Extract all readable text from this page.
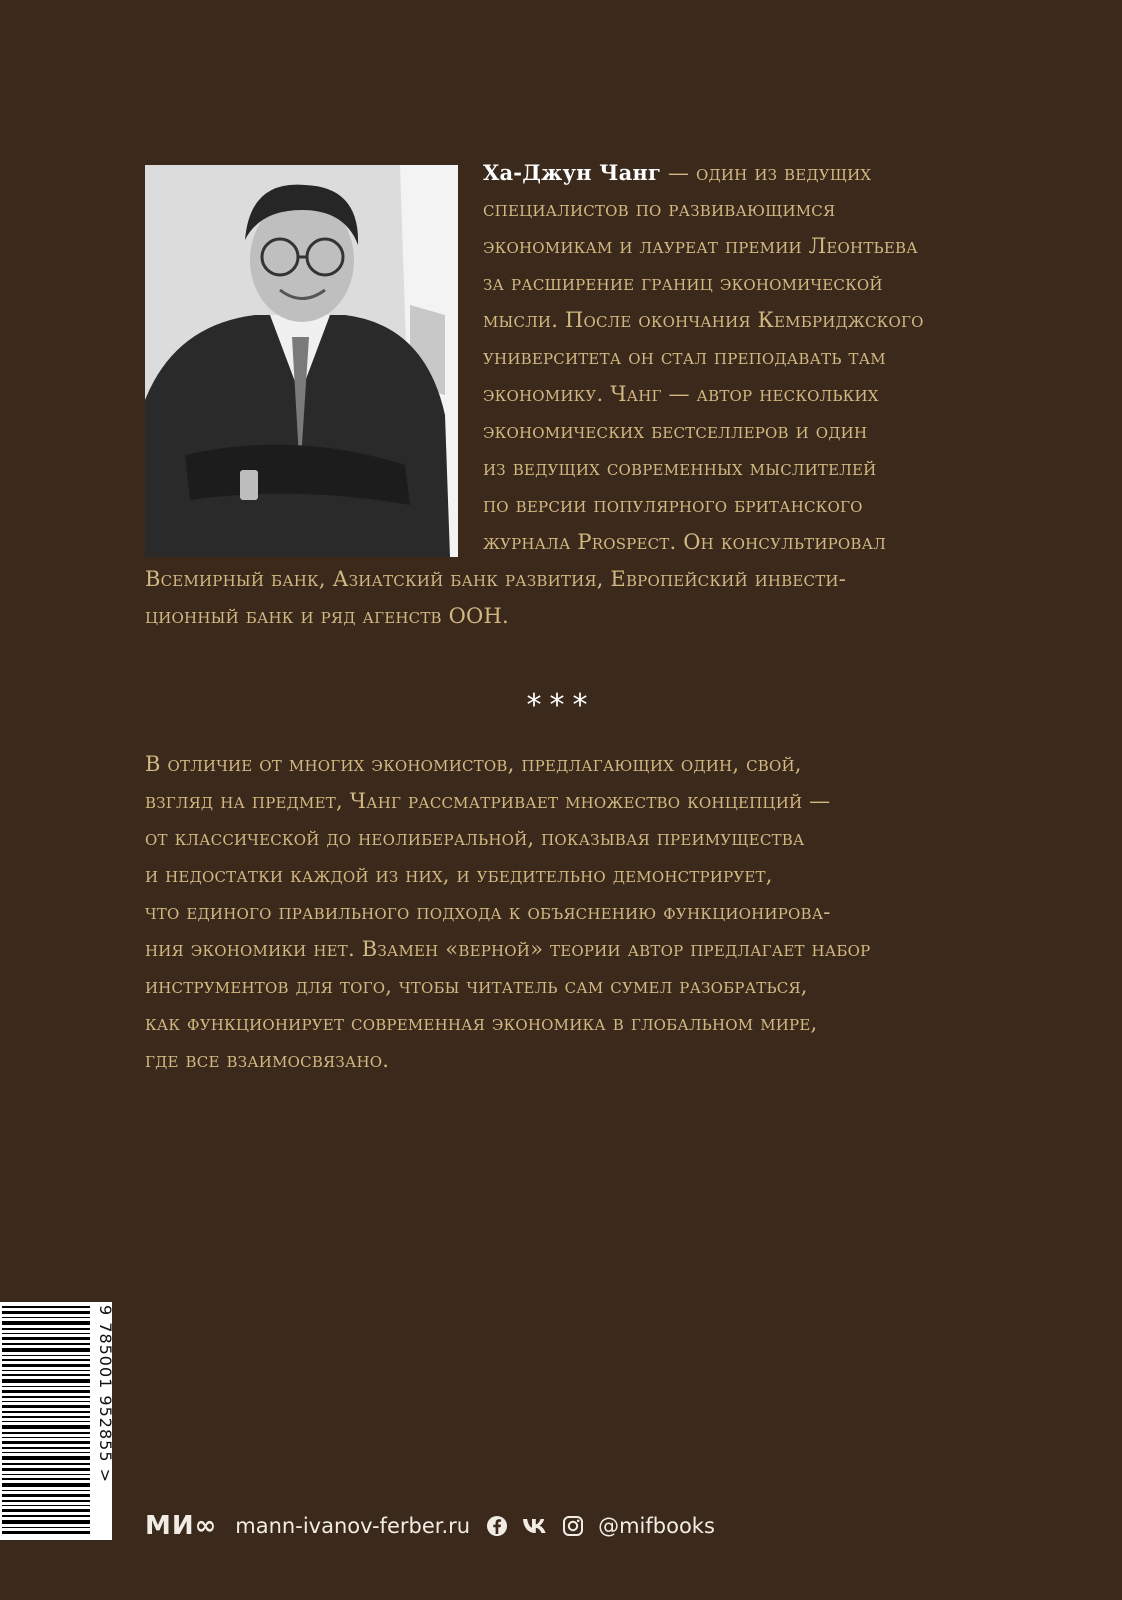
Ха-Джун Чанг — один из ведущих
специалистов по развивающимся
экономикам и лауреат премии Леонтьева
за расширение границ экономической
мысли. После окончания Кембриджского
университета он стал преподавать там
экономику. Чанг — автор нескольких
экономических бестселлеров и один
из ведущих современных мыслителей
по версии популярного британского
журнала Prospect. Он консультировал
Всемирный банк, Азиатский банк развития, Европейский инвести-
ционный банк и ряд агенств ООН.
***
В отличие от многих экономистов, предлагающих один, свой,
взгляд на предмет, Чанг рассматривает множество концепций —
от классической до неолиберальной, показывая преимущества
и недостатки каждой из них, и убедительно демонстрирует,
что единого правильного подхода к объяснению функционирова-
ния экономики нет. Взамен «верной» теории автор предлагает набор
инструментов для того, чтобы читатель сам сумел разобраться,
как функционирует современная экономика в глобальном мире,
где все взаимосвязано.
9 785001 952855 >
МИ∞ mann-ivanov-ferber.ru	@mifbooks
